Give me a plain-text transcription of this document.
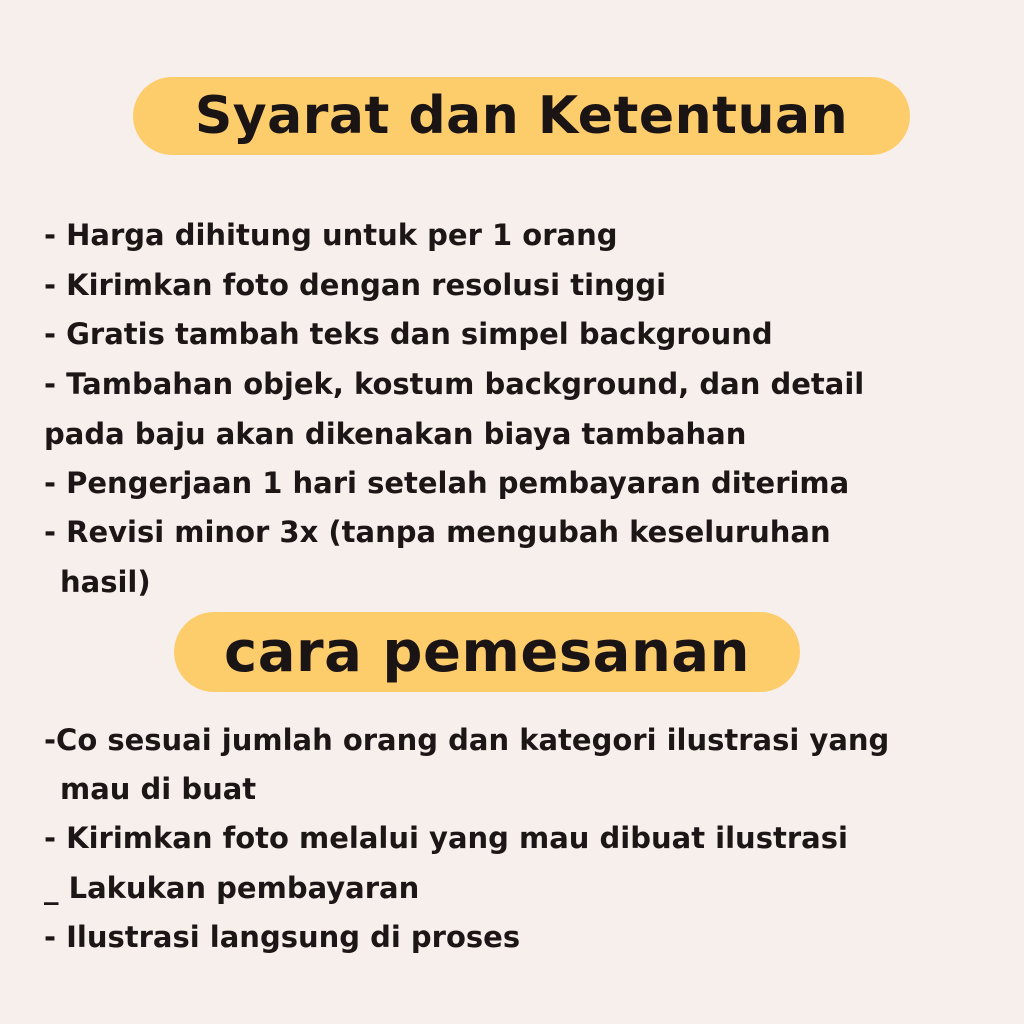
Syarat dan Ketentuan
- Harga dihitung untuk per 1 orang
- Kirimkan foto dengan resolusi tinggi
- Gratis tambah teks dan simpel background
- Tambahan objek, kostum background, dan detail
pada baju akan dikenakan biaya tambahan
- Pengerjaan 1 hari setelah pembayaran diterima
- Revisi minor 3x (tanpa mengubah keseluruhan
hasil)
cara pemesanan
-Co sesuai jumlah orang dan kategori ilustrasi yang
mau di buat
- Kirimkan foto melalui yang mau dibuat ilustrasi
_ Lakukan pembayaran
- Ilustrasi langsung di proses
